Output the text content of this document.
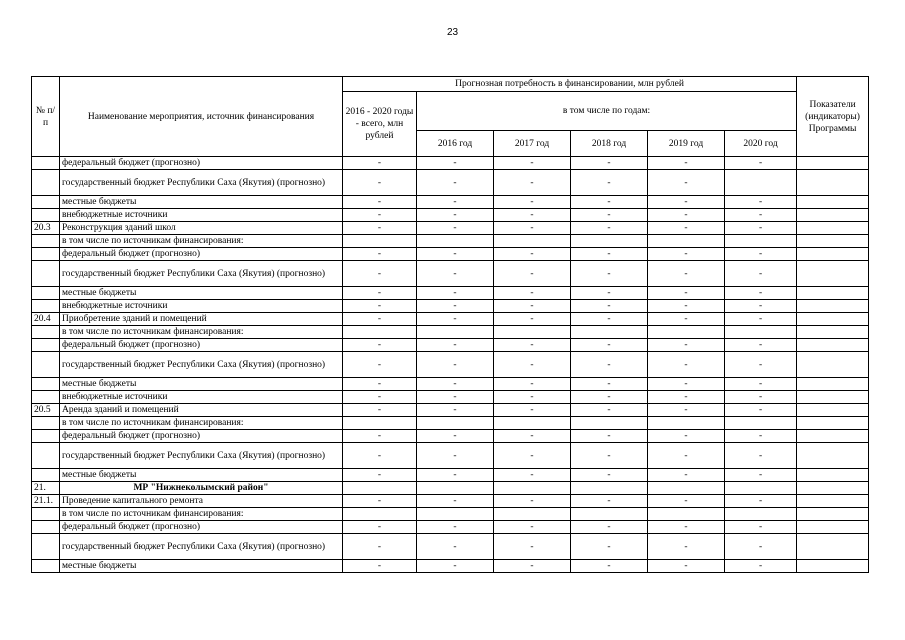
23
№ п/п	Наименование мероприятия, источник финансирования	Прогнозная потребность в финансировании, млн рублей						Показатели (индикаторы) Программы
		2016 - 2020 годы - всего, млн рублей	в том числе по годам:					
			2016 год	2017 год	2018 год	2019 год	2020 год	
	федеральный бюджет (прогнозно)	-	-	-	-	-	-	
	государственный бюджет Республики Саха (Якутия) (прогнозно)	-	-	-	-	-		
	местные бюджеты	-	-	-	-	-	-	
	внебюджетные источники	-	-	-	-	-	-	
20.3	Реконструкция зданий школ	-	-	-	-	-	-	
	в том числе по источникам финансирования:							
	федеральный бюджет (прогнозно)	-	-	-	-	-	-	
	государственный бюджет Республики Саха (Якутия) (прогнозно)	-	-	-	-	-	-	
	местные бюджеты	-	-	-	-	-	-	
	внебюджетные источники	-	-	-	-	-	-	
20.4	Приобретение зданий и помещений	-	-	-	-	-	-	
	в том числе по источникам финансирования:							
	федеральный бюджет (прогнозно)	-	-	-	-	-	-	
	государственный бюджет Республики Саха (Якутия) (прогнозно)	-	-	-	-	-	-	
	местные бюджеты	-	-	-	-	-	-	
	внебюджетные источники	-	-	-	-	-	-	
20.5	Аренда зданий и помещений	-	-	-	-	-	-	
	в том числе по источникам финансирования:							
	федеральный бюджет (прогнозно)	-	-	-	-	-	-	
	государственный бюджет Республики Саха (Якутия) (прогнозно)	-	-	-	-	-	-	
	местные бюджеты	-	-	-	-	-	-	
21.	МР "Нижнеколымский район"							
21.1.	Проведение капитального ремонта	-	-	-	-	-	-	
	в том числе по источникам финансирования:							
	федеральный бюджет (прогнозно)	-	-	-	-	-	-	
	государственный бюджет Республики Саха (Якутия) (прогнозно)	-	-	-	-	-	-	
	местные бюджеты	-	-	-	-	-	-	
